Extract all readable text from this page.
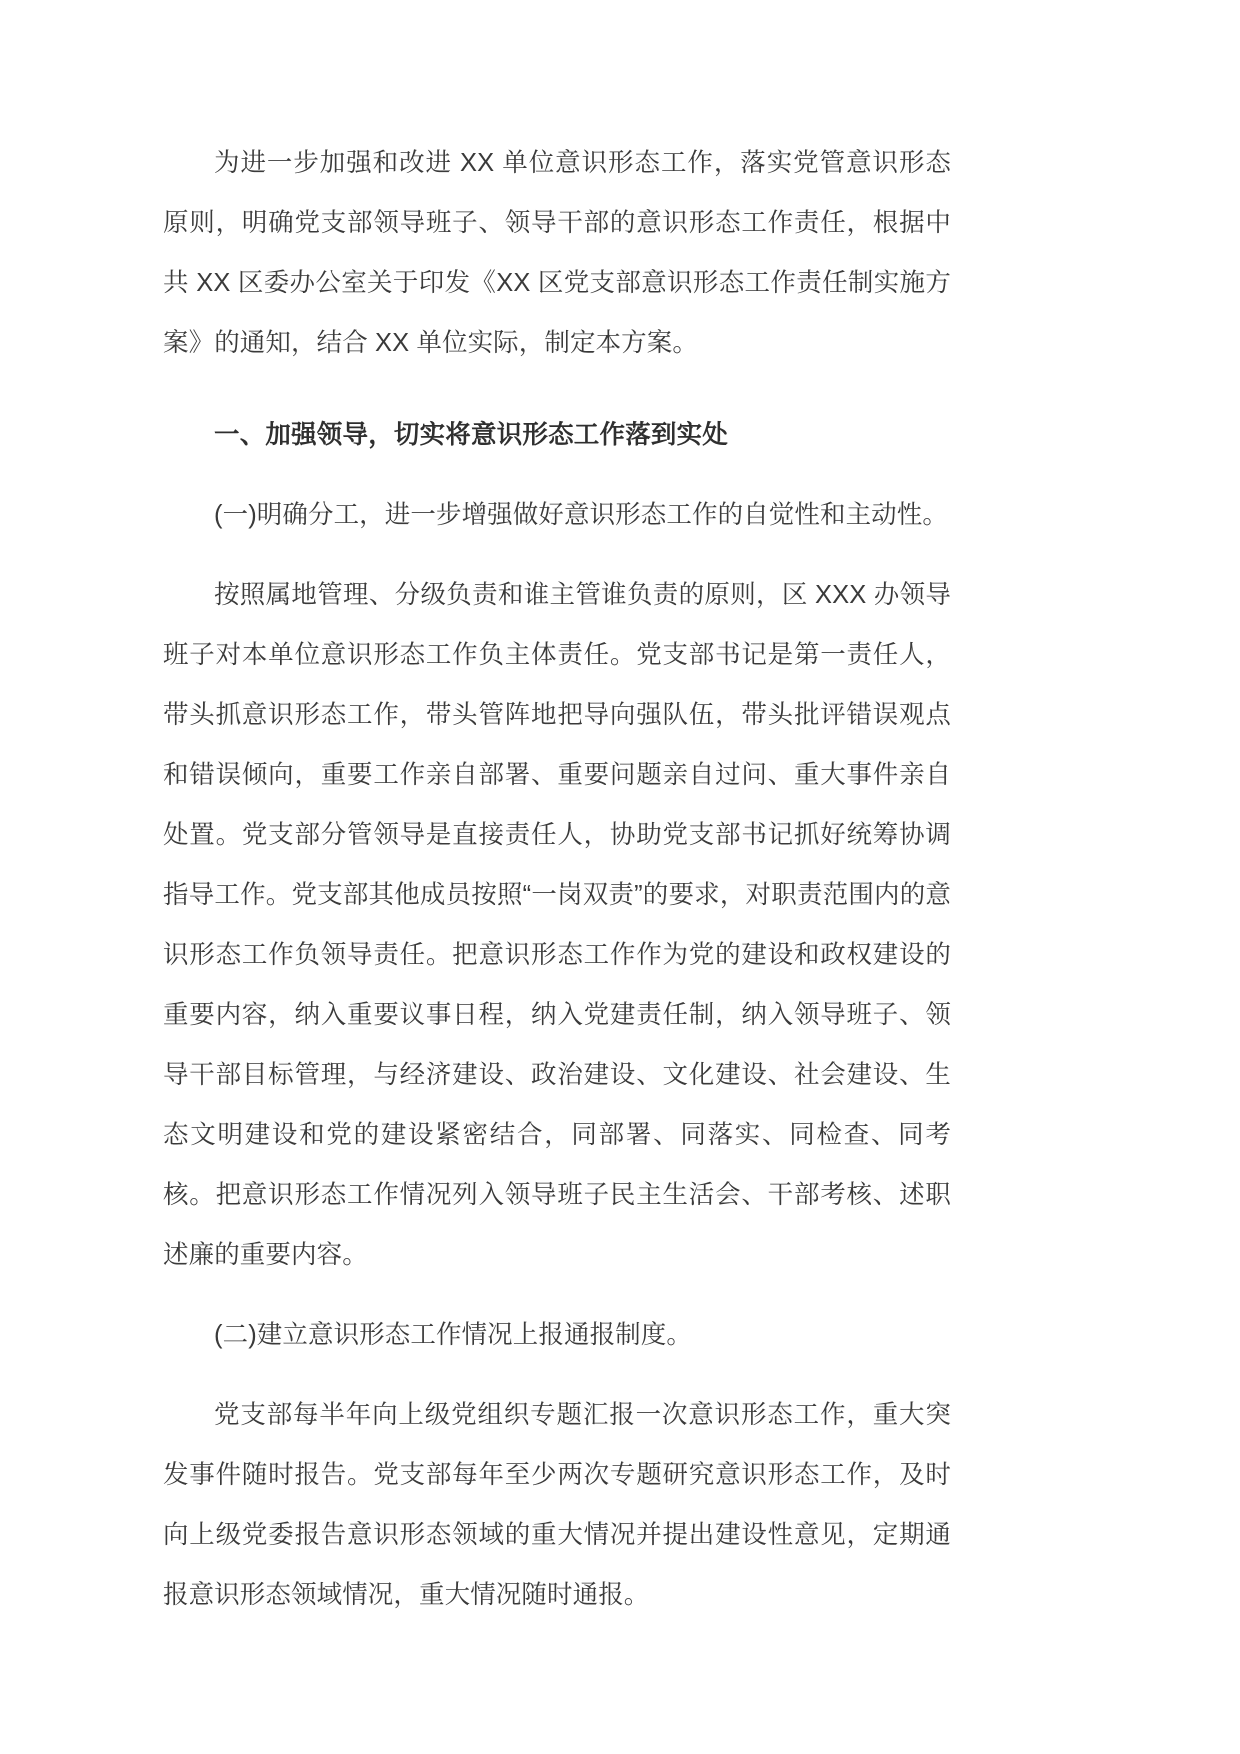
为进一步加强和改进 XX 单位意识形态工作，落实党管意识形态原则，明确党支部领导班子、领导干部的意识形态工作责任，根据中共 XX 区委办公室关于印发《XX 区党支部意识形态工作责任制实施方案》的通知，结合 XX 单位实际，制定本方案。

一、加强领导，切实将意识形态工作落到实处

(一)明确分工，进一步增强做好意识形态工作的自觉性和主动性。

按照属地管理、分级负责和谁主管谁负责的原则，区 XXX 办领导班子对本单位意识形态工作负主体责任。党支部书记是第一责任人，带头抓意识形态工作，带头管阵地把导向强队伍，带头批评错误观点和错误倾向，重要工作亲自部署、重要问题亲自过问、重大事件亲自处置。党支部分管领导是直接责任人，协助党支部书记抓好统筹协调指导工作。党支部其他成员按照“一岗双责”的要求，对职责范围内的意识形态工作负领导责任。把意识形态工作作为党的建设和政权建设的重要内容，纳入重要议事日程，纳入党建责任制，纳入领导班子、领导干部目标管理，与经济建设、政治建设、文化建设、社会建设、生态文明建设和党的建设紧密结合，同部署、同落实、同检查、同考核。把意识形态工作情况列入领导班子民主生活会、干部考核、述职述廉的重要内容。

(二)建立意识形态工作情况上报通报制度。

党支部每半年向上级党组织专题汇报一次意识形态工作，重大突发事件随时报告。党支部每年至少两次专题研究意识形态工作，及时向上级党委报告意识形态领域的重大情况并提出建设性意见，定期通报意识形态领域情况，重大情况随时通报。
